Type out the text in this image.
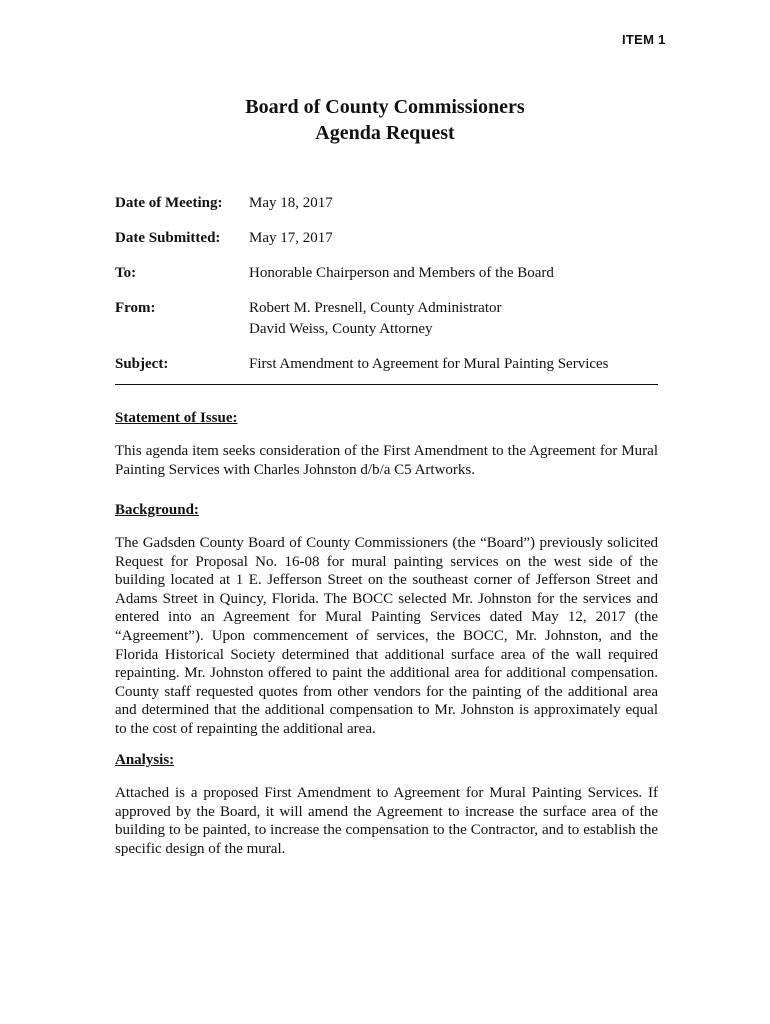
ITEM 1
Board of County Commissioners
Agenda Request
Date of Meeting:	May 18, 2017
Date Submitted:	May 17, 2017
To:	Honorable Chairperson and Members of the Board
From:	Robert M. Presnell, County Administrator
David Weiss, County Attorney
Subject:	First Amendment to Agreement for Mural Painting Services
Statement of Issue:
This agenda item seeks consideration of the First Amendment to the Agreement for Mural Painting Services with Charles Johnston d/b/a C5 Artworks.
Background:
The Gadsden County Board of County Commissioners (the “Board”) previously solicited Request for Proposal No. 16-08 for mural painting services on the west side of the building located at 1 E. Jefferson Street on the southeast corner of Jefferson Street and Adams Street in Quincy, Florida. The BOCC selected Mr. Johnston for the services and entered into an Agreement for Mural Painting Services dated May 12, 2017 (the “Agreement”). Upon commencement of services, the BOCC, Mr. Johnston, and the Florida Historical Society determined that additional surface area of the wall required repainting. Mr. Johnston offered to paint the additional area for additional compensation. County staff requested quotes from other vendors for the painting of the additional area and determined that the additional compensation to Mr. Johnston is approximately equal to the cost of repainting the additional area.
Analysis:
Attached is a proposed First Amendment to Agreement for Mural Painting Services. If approved by the Board, it will amend the Agreement to increase the surface area of the building to be painted, to increase the compensation to the Contractor, and to establish the specific design of the mural.
